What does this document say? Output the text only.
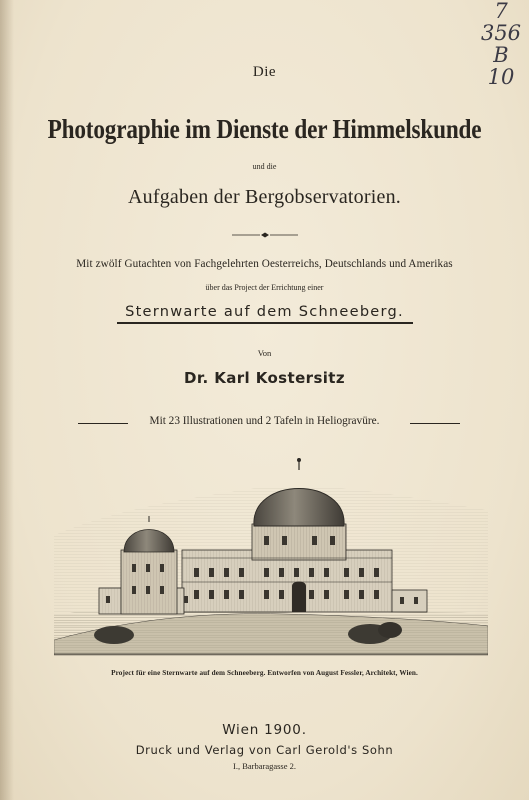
7
356
B
10
Die
Photographie im Dienste der Himmelskunde
und die
Aufgaben der Bergobservatorien.
Mit zwölf Gutachten von Fachgelehrten Oesterreichs, Deutschlands und Amerikas
über das Project der Errichtung einer
Sternwarte auf dem Schneeberg.
Von
Dr. Karl Kostersitz
Mit 23 Illustrationen und 2 Tafeln in Heliogravüre.
Project für eine Sternwarte auf dem Schneeberg. Entworfen von August Fessler, Architekt, Wien.
Wien 1900.
Druck und Verlag von Carl Gerold's Sohn
I., Barbaragasse 2.
